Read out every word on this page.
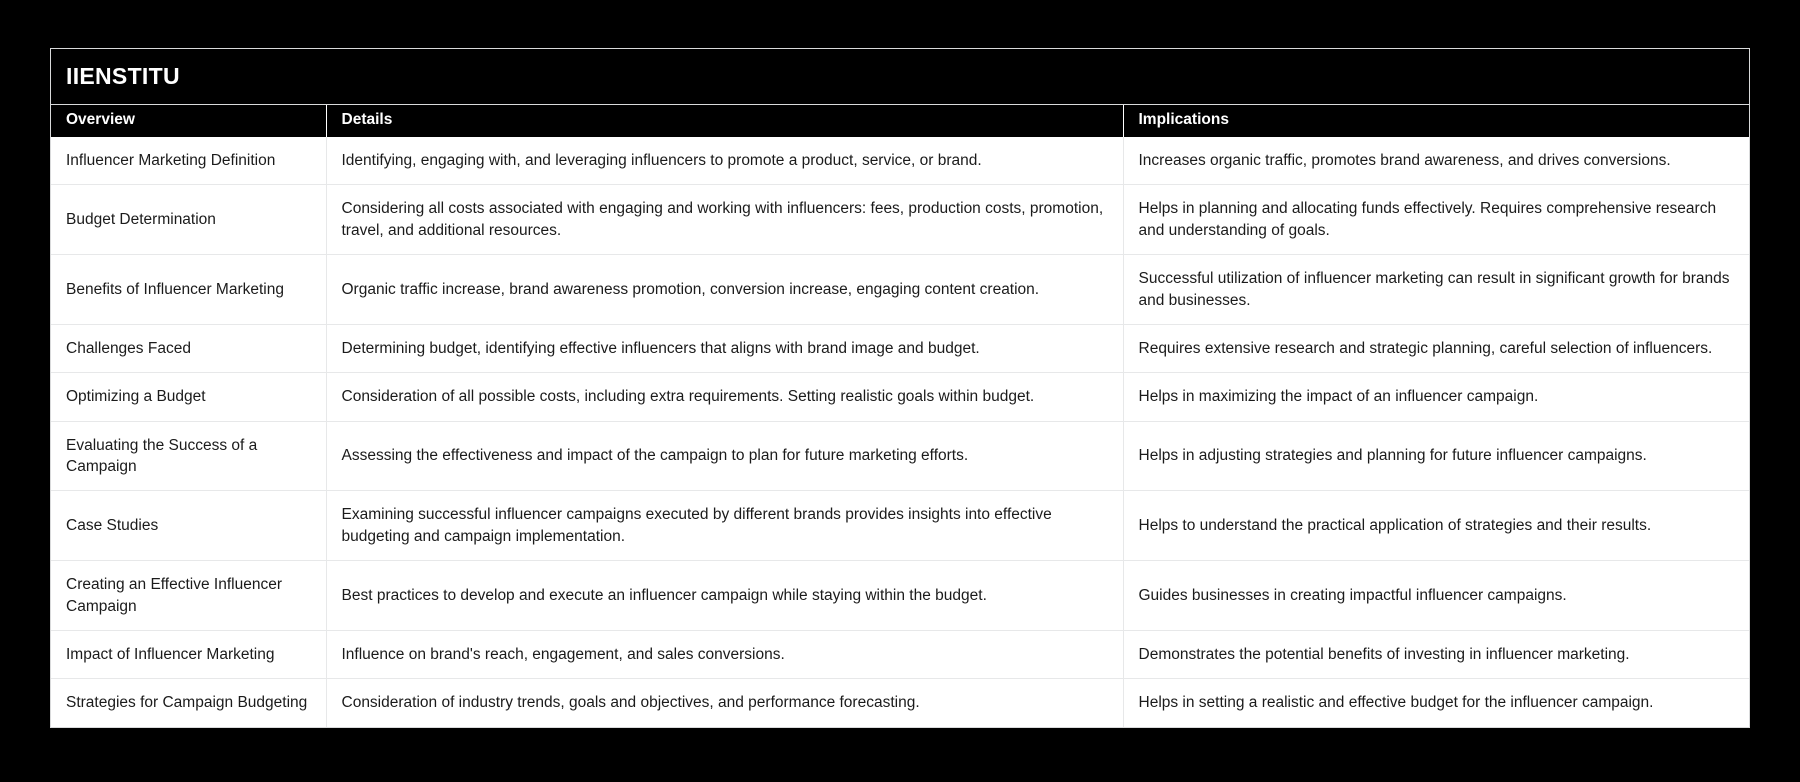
IIENSTITU
Overview	Details	Implications
Influencer Marketing Definition	Identifying, engaging with, and leveraging influencers to promote a product, service, or brand.	Increases organic traffic, promotes brand awareness, and drives conversions.
Budget Determination	Considering all costs associated with engaging and working with influencers: fees, production costs, promotion, travel, and additional resources.	Helps in planning and allocating funds effectively. Requires comprehensive research and understanding of goals.
Benefits of Influencer Marketing	Organic traffic increase, brand awareness promotion, conversion increase, engaging content creation.	Successful utilization of influencer marketing can result in significant growth for brands and businesses.
Challenges Faced	Determining budget, identifying effective influencers that aligns with brand image and budget.	Requires extensive research and strategic planning, careful selection of influencers.
Optimizing a Budget	Consideration of all possible costs, including extra requirements. Setting realistic goals within budget.	Helps in maximizing the impact of an influencer campaign.
Evaluating the Success of a Campaign	Assessing the effectiveness and impact of the campaign to plan for future marketing efforts.	Helps in adjusting strategies and planning for future influencer campaigns.
Case Studies	Examining successful influencer campaigns executed by different brands provides insights into effective budgeting and campaign implementation.	Helps to understand the practical application of strategies and their results.
Creating an Effective Influencer Campaign	Best practices to develop and execute an influencer campaign while staying within the budget.	Guides businesses in creating impactful influencer campaigns.
Impact of Influencer Marketing	Influence on brand's reach, engagement, and sales conversions.	Demonstrates the potential benefits of investing in influencer marketing.
Strategies for Campaign Budgeting	Consideration of industry trends, goals and objectives, and performance forecasting.	Helps in setting a realistic and effective budget for the influencer campaign.
